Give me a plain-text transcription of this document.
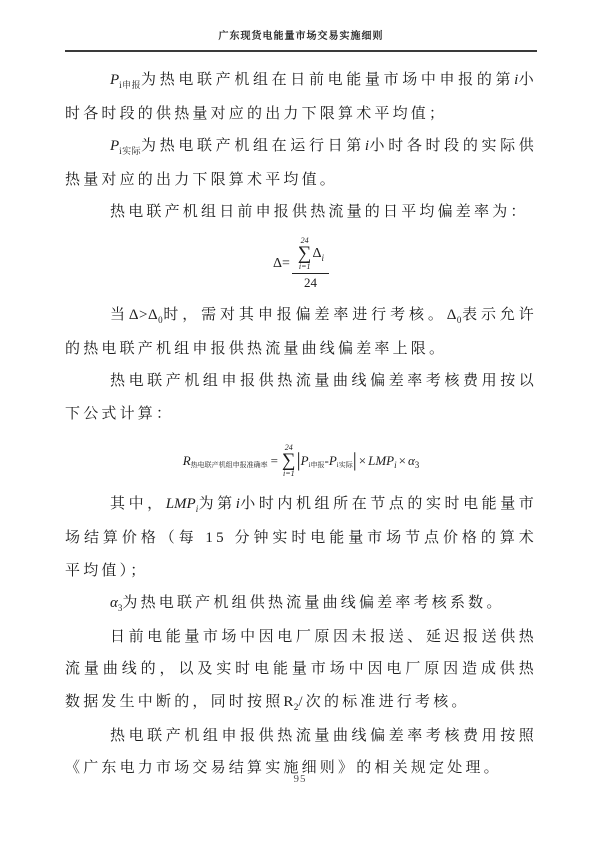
广东现货电能量市场交易实施细则

$P_{i申报}$为热电联产机组在日前电能量市场中申报的第i小时各时段的供热量对应的出力下限算术平均值；

$P_{i实际}$为热电联产机组在运行日第i小时各时段的实际供热量对应的出力下限算术平均值。

热电联产机组日前申报供热流量的日平均偏差率为：

Δ= 24
∑
i=1
Δ i
24

当$\Delta>\Delta_0$时，需对其申报偏差率进行考核。$\Delta_0$表示允许的热电联产机组申报供热流量曲线偏差率上限。

热电联产机组申报供热流量曲线偏差率考核费用按以下公式计算：

R 热电联产机组申报准确率 =
24
∑
i=1
| P i申报 - P i实际 | × LMP i × α 3

其中，$LMP_i$为第i小时内机组所在节点的实时电能量市场结算价格（每 15 分钟实时电能量市场节点价格的算术平均值）；

$\alpha_3$为热电联产机组供热流量曲线偏差率考核系数。

日前电能量市场中因电厂原因未报送、延迟报送供热流量曲线的，以及实时电能量市场中因电厂原因造成供热数据发生中断的，同时按照$R_2/$次的标准进行考核。

热电联产机组申报供热流量曲线偏差率考核费用按照《广东电力市场交易结算实施细则》的相关规定处理。

95
